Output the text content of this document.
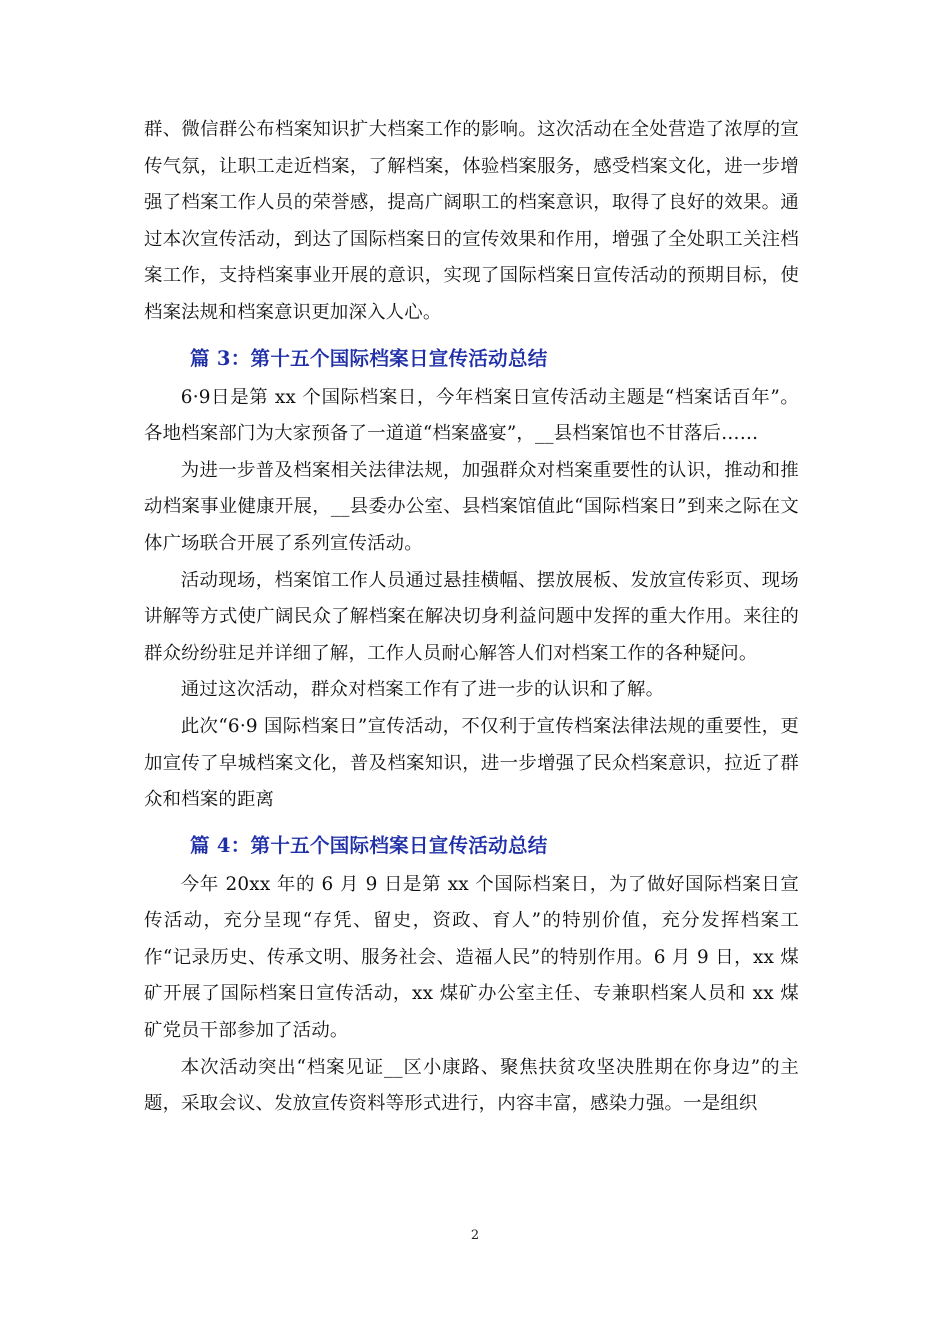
群、微信群公布档案知识扩大档案工作的影响。这次活动在全处营造了浓厚的宣传气氛，让职工走近档案，了解档案，体验档案服务，感受档案文化，进一步增强了档案工作人员的荣誉感，提高广阔职工的档案意识，取得了良好的效果。通过本次宣传活动，到达了国际档案日的宣传效果和作用，增强了全处职工关注档案工作，支持档案事业开展的意识，实现了国际档案日宣传活动的预期目标，使档案法规和档案意识更加深入人心。

篇 3：第十五个国际档案日宣传活动总结

6·9日是第 xx 个国际档案日，今年档案日宣传活动主题是“档案话百年”。各地档案部门为大家预备了一道道“档案盛宴”，__县档案馆也不甘落后……

为进一步普及档案相关法律法规，加强群众对档案重要性的认识，推动和推动档案事业健康开展，__县委办公室、县档案馆值此“国际档案日”到来之际在文体广场联合开展了系列宣传活动。

活动现场，档案馆工作人员通过悬挂横幅、摆放展板、发放宣传彩页、现场讲解等方式使广阔民众了解档案在解决切身利益问题中发挥的重大作用。来往的群众纷纷驻足并详细了解，工作人员耐心解答人们对档案工作的各种疑问。

通过这次活动，群众对档案工作有了进一步的认识和了解。

此次“6·9 国际档案日”宣传活动，不仅利于宣传档案法律法规的重要性，更加宣传了皁城档案文化，普及档案知识，进一步增强了民众档案意识，拉近了群众和档案的距离

篇 4：第十五个国际档案日宣传活动总结

今年 20xx 年的 6 月 9 日是第 xx 个国际档案日，为了做好国际档案日宣传活动，充分呈现“存凭、留史，资政、育人”的特别价值，充分发挥档案工作“记录历史、传承文明、服务社会、造福人民”的特别作用。6 月 9 日，xx 煤矿开展了国际档案日宣传活动，xx 煤矿办公室主任、专兼职档案人员和 xx 煤矿党员干部参加了活动。

本次活动突出“档案见证__区小康路、聚焦扶贫攻坚决胜期在你身边”的主题，采取会议、发放宣传资料等形式进行，内容丰富，感染力强。一是组织

2
